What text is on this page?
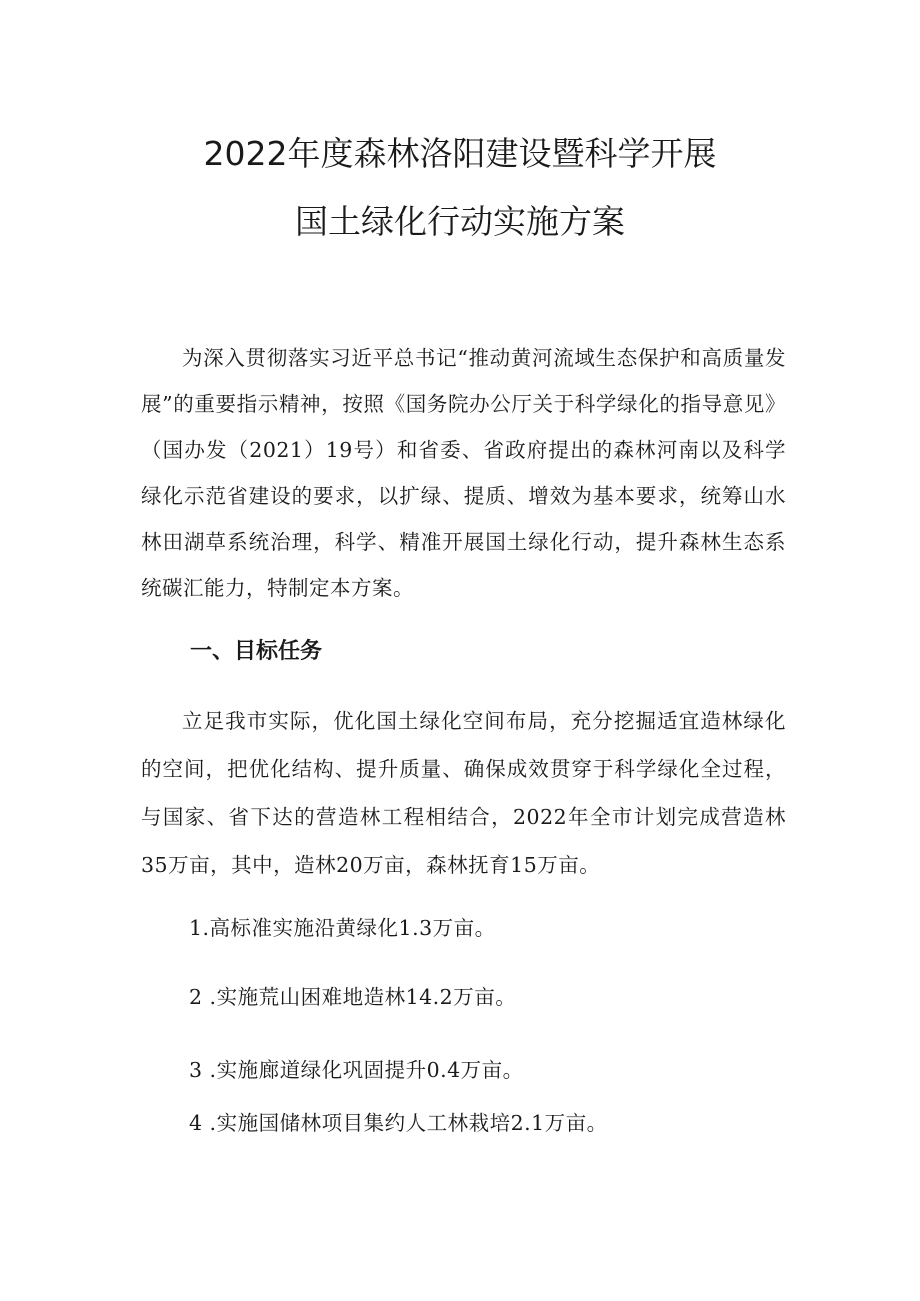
2022年度森林洛阳建设暨科学开展
国土绿化行动实施方案

为深入贯彻落实习近平总书记“推动黄河流域生态保护和高质量发展”的重要指示精神，按照《国务院办公厅关于科学绿化的指导意见》（国办发（2021）19号）和省委、省政府提出的森林河南以及科学绿化示范省建设的要求，以扩绿、提质、增效为基本要求，统筹山水林田湖草系统治理，科学、精准开展国土绿化行动，提升森林生态系统碳汇能力，特制定本方案。

一、目标任务

立足我市实际，优化国土绿化空间布局，充分挖掘适宜造林绿化的空间，把优化结构、提升质量、确保成效贯穿于科学绿化全过程，与国家、省下达的营造林工程相结合，2022年全市计划完成营造林35万亩，其中，造林20万亩，森林抚育15万亩。

1.高标准实施沿黄绿化1.3万亩。

2 .实施荒山困难地造林14.2万亩。

3 .实施廊道绿化巩固提升0.4万亩。

4 .实施国储林项目集约人工林栽培2.1万亩。
